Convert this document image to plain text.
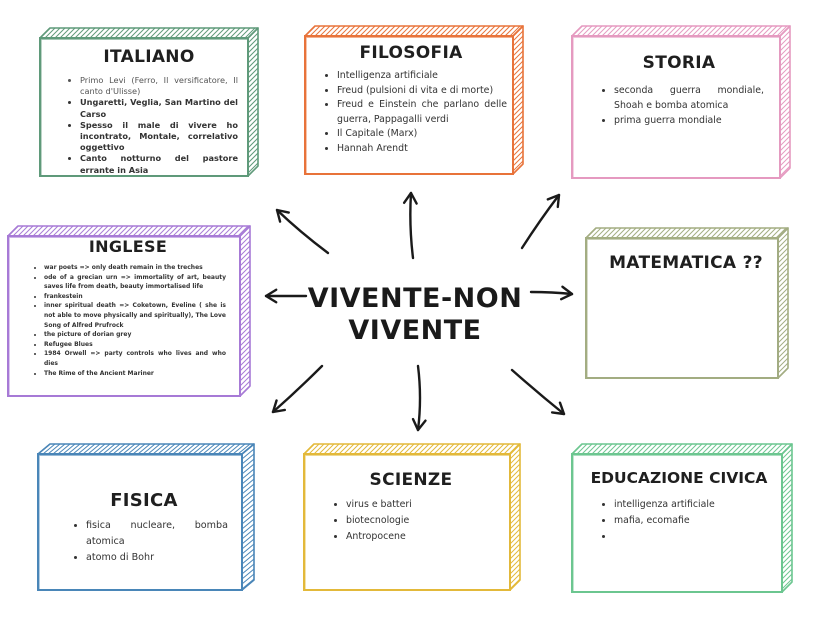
VIVENTE-NON
VIVENTE
ITALIANO
• Primo Levi (Ferro, Il versificatore, Il canto d'Ulisse)
• Ungaretti, Veglia, San Martino del Carso
• Spesso il male di vivere ho incontrato, Montale, correlativo oggettivo
• Canto notturno del pastore errante in Asia
FILOSOFIA
• Intelligenza artificiale
• Freud (pulsioni di vita e di morte)
• Freud e Einstein che parlano delle guerra, Pappagalli verdi
• Il Capitale (Marx)
• Hannah Arendt
STORIA
• seconda guerra mondiale, Shoah e bomba atomica
• prima guerra mondiale
INGLESE
• war poets => only death remain in the treches
• ode of a grecian urn => immortality of art, beauty saves life from death, beauty immortalised life
• frankestein
• inner spiritual death => Coketown, Eveline ( she is not able to move physically and spiritually), The Love Song of Alfred Prufrock
• the picture of dorian grey
• Refugee Blues
• 1984 Orwell => party controls who lives and who dies
• The Rime of the Ancient Mariner
MATEMATICA ??
FISICA
• fisica nucleare, bomba atomica
• atomo di Bohr
SCIENZE
• virus e batteri
• biotecnologie
• Antropocene
EDUCAZIONE CIVICA
• intelligenza artificiale
• mafia, ecomafie
•
